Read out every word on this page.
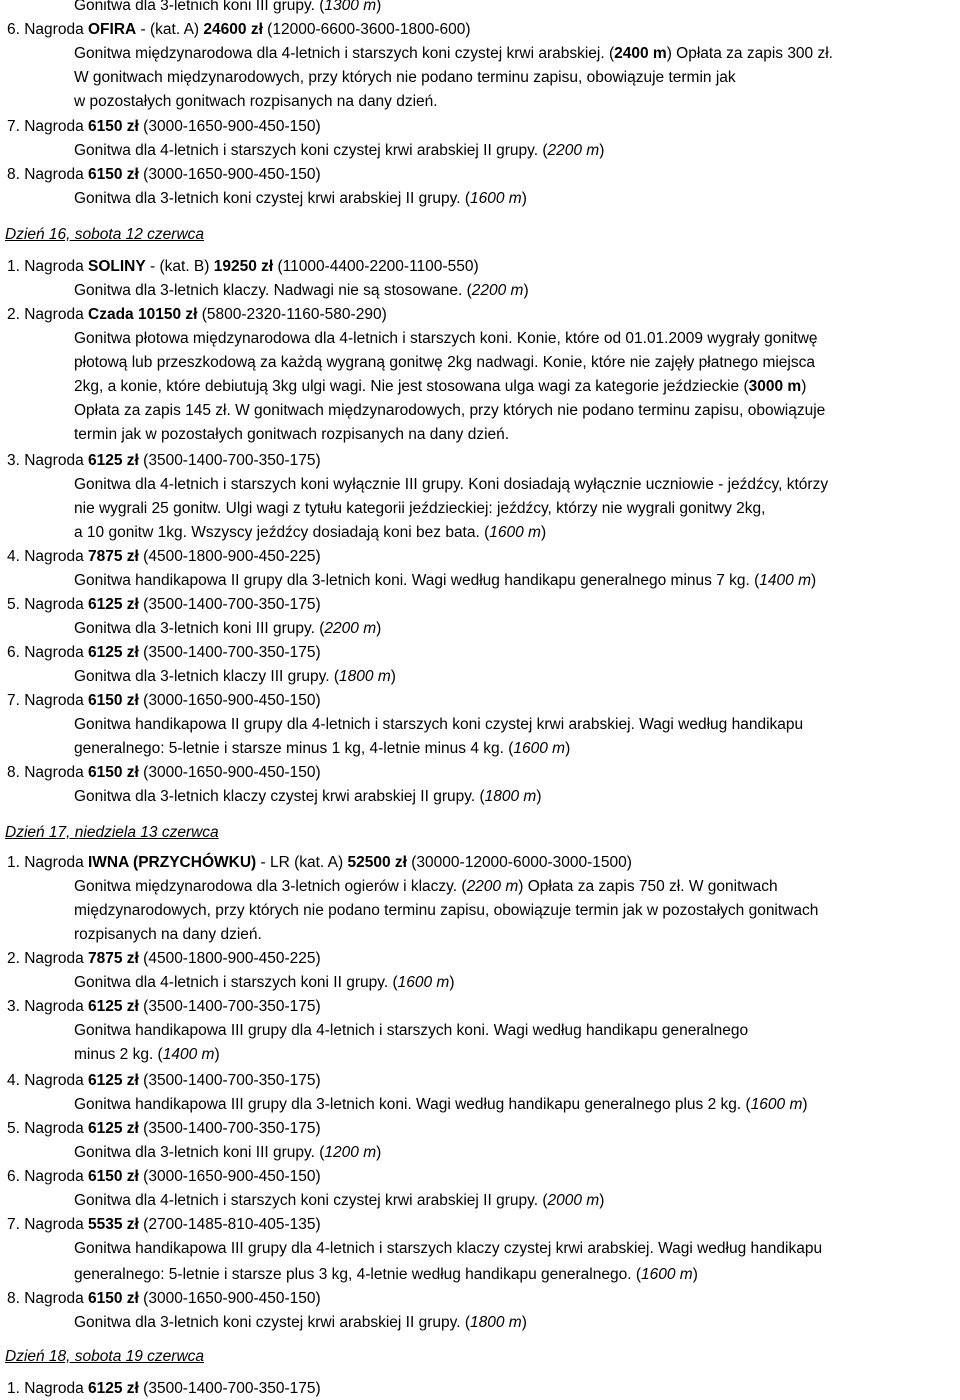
Gonitwa dla 3-letnich koni III grupy. (1300 m)
6. Nagroda OFIRA - (kat. A) 24600 zł (12000-6600-3600-1800-600)
Gonitwa międzynarodowa dla 4-letnich i starszych koni czystej krwi arabskiej. (2400 m) Opłata za zapis 300 zł.
W gonitwach międzynarodowych, przy których nie podano terminu zapisu, obowiązuje termin jak
w pozostałych gonitwach rozpisanych na dany dzień.
7. Nagroda 6150 zł (3000-1650-900-450-150)
Gonitwa dla 4-letnich i starszych koni czystej krwi arabskiej II grupy. (2200 m)
8. Nagroda 6150 zł (3000-1650-900-450-150)
Gonitwa dla 3-letnich koni czystej krwi arabskiej II grupy. (1600 m)
Dzień 16, sobota 12 czerwca
1. Nagroda SOLINY - (kat. B) 19250 zł (11000-4400-2200-1100-550)
Gonitwa dla 3-letnich klaczy. Nadwagi nie są stosowane. (2200 m)
2. Nagroda Czada 10150 zł (5800-2320-1160-580-290)
Gonitwa płotowa międzynarodowa dla 4-letnich i starszych koni. Konie, które od 01.01.2009 wygrały gonitwę
płotową lub przeszkodową za każdą wygraną gonitwę 2kg nadwagi. Konie, które nie zajęły płatnego miejsca
2kg, a konie, które debiutują 3kg ulgi wagi. Nie jest stosowana ulga wagi za kategorie jeździeckie (3000 m)
Opłata za zapis 145 zł. W gonitwach międzynarodowych, przy których nie podano terminu zapisu, obowiązuje
termin jak w pozostałych gonitwach rozpisanych na dany dzień.
3. Nagroda 6125 zł (3500-1400-700-350-175)
Gonitwa dla 4-letnich i starszych koni wyłącznie III grupy. Koni dosiadają wyłącznie uczniowie - jeźdźcy, którzy
nie wygrali 25 gonitw. Ulgi wagi z tytułu kategorii jeździeckiej: jeźdźcy, którzy nie wygrali gonitwy 2kg,
a 10 gonitw 1kg. Wszyscy jeźdźcy dosiadają koni bez bata. (1600 m)
4. Nagroda 7875 zł (4500-1800-900-450-225)
Gonitwa handikapowa II grupy dla 3-letnich koni. Wagi według handikapu generalnego minus 7 kg. (1400 m)
5. Nagroda 6125 zł (3500-1400-700-350-175)
Gonitwa dla 3-letnich koni III grupy. (2200 m)
6. Nagroda 6125 zł (3500-1400-700-350-175)
Gonitwa dla 3-letnich klaczy III grupy. (1800 m)
7. Nagroda 6150 zł (3000-1650-900-450-150)
Gonitwa handikapowa II grupy dla 4-letnich i starszych koni czystej krwi arabskiej. Wagi według handikapu
generalnego: 5-letnie i starsze minus 1 kg, 4-letnie minus 4 kg. (1600 m)
8. Nagroda 6150 zł (3000-1650-900-450-150)
Gonitwa dla 3-letnich klaczy czystej krwi arabskiej II grupy. (1800 m)
Dzień 17, niedziela 13 czerwca
1. Nagroda IWNA (PRZYCHÓWKU) - LR (kat. A) 52500 zł (30000-12000-6000-3000-1500)
Gonitwa międzynarodowa dla 3-letnich ogierów i klaczy. (2200 m) Opłata za zapis 750 zł. W gonitwach
międzynarodowych, przy których nie podano terminu zapisu, obowiązuje termin jak w pozostałych gonitwach
rozpisanych na dany dzień.
2. Nagroda 7875 zł (4500-1800-900-450-225)
Gonitwa dla 4-letnich i starszych koni II grupy. (1600 m)
3. Nagroda 6125 zł (3500-1400-700-350-175)
Gonitwa handikapowa III grupy dla 4-letnich i starszych koni. Wagi według handikapu generalnego
minus 2 kg. (1400 m)
4. Nagroda 6125 zł (3500-1400-700-350-175)
Gonitwa handikapowa III grupy dla 3-letnich koni. Wagi według handikapu generalnego plus 2 kg. (1600 m)
5. Nagroda 6125 zł (3500-1400-700-350-175)
Gonitwa dla 3-letnich koni III grupy. (1200 m)
6. Nagroda 6150 zł (3000-1650-900-450-150)
Gonitwa dla 4-letnich i starszych koni czystej krwi arabskiej II grupy. (2000 m)
7. Nagroda 5535 zł (2700-1485-810-405-135)
Gonitwa handikapowa III grupy dla 4-letnich i starszych klaczy czystej krwi arabskiej. Wagi według handikapu
generalnego: 5-letnie i starsze plus 3 kg, 4-letnie według handikapu generalnego. (1600 m)
8. Nagroda 6150 zł (3000-1650-900-450-150)
Gonitwa dla 3-letnich koni czystej krwi arabskiej II grupy. (1800 m)
Dzień 18, sobota 19 czerwca
1. Nagroda 6125 zł (3500-1400-700-350-175)
